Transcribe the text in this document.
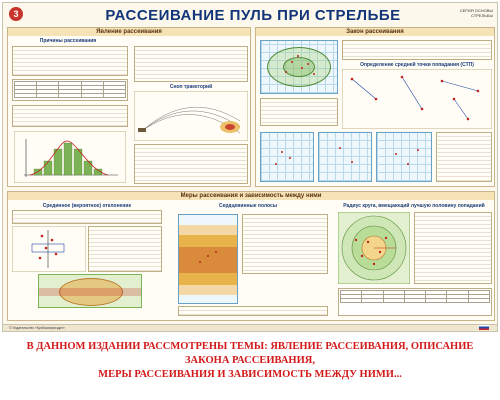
3	РАССЕИВАНИЕ ПУЛЬ ПРИ СТРЕЛЬБЕ	СЕРИЯ ОСНОВЫ СТРЕЛЬБЫ
Явление рассеивания
Причины рассеивания

Сноп траекторий
Закон рассеивания
Определение средней точки попадания (СТП)
Меры рассеивания и зависимость между ними
Срединное (вероятное) отклонение	Сердцевинные полосы	Радиус круга, вмещающий лучшую половину попаданий

© Издательство «Кузбассвузиздат»
В ДАННОМ ИЗДАНИИ РАССМОТРЕНЫ ТЕМЫ: ЯВЛЕНИЕ РАССЕИВАНИЯ, ОПИСАНИЕ ЗАКОНА РАССЕИВАНИЯ,
МЕРЫ РАССЕИВАНИЯ И ЗАВИСИМОСТЬ МЕЖДУ НИМИ...
